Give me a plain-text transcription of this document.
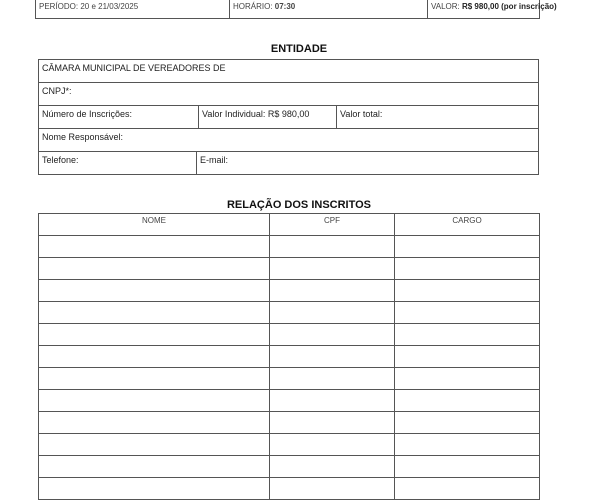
PERÍODO: 20 e 21/03/2025	HORÁRIO: 07:30	VALOR: R$ 980,00 (por inscrição)
ENTIDADE
CÂMARA MUNICIPAL DE VEREADORES DE
CNPJ*:
Número de Inscrições:	Valor Individual: R$ 980,00	Valor total:
Nome Responsável:
Telefone:	E-mail:
RELAÇÃO DOS INSCRITOS
NOME	CPF	CARGO
